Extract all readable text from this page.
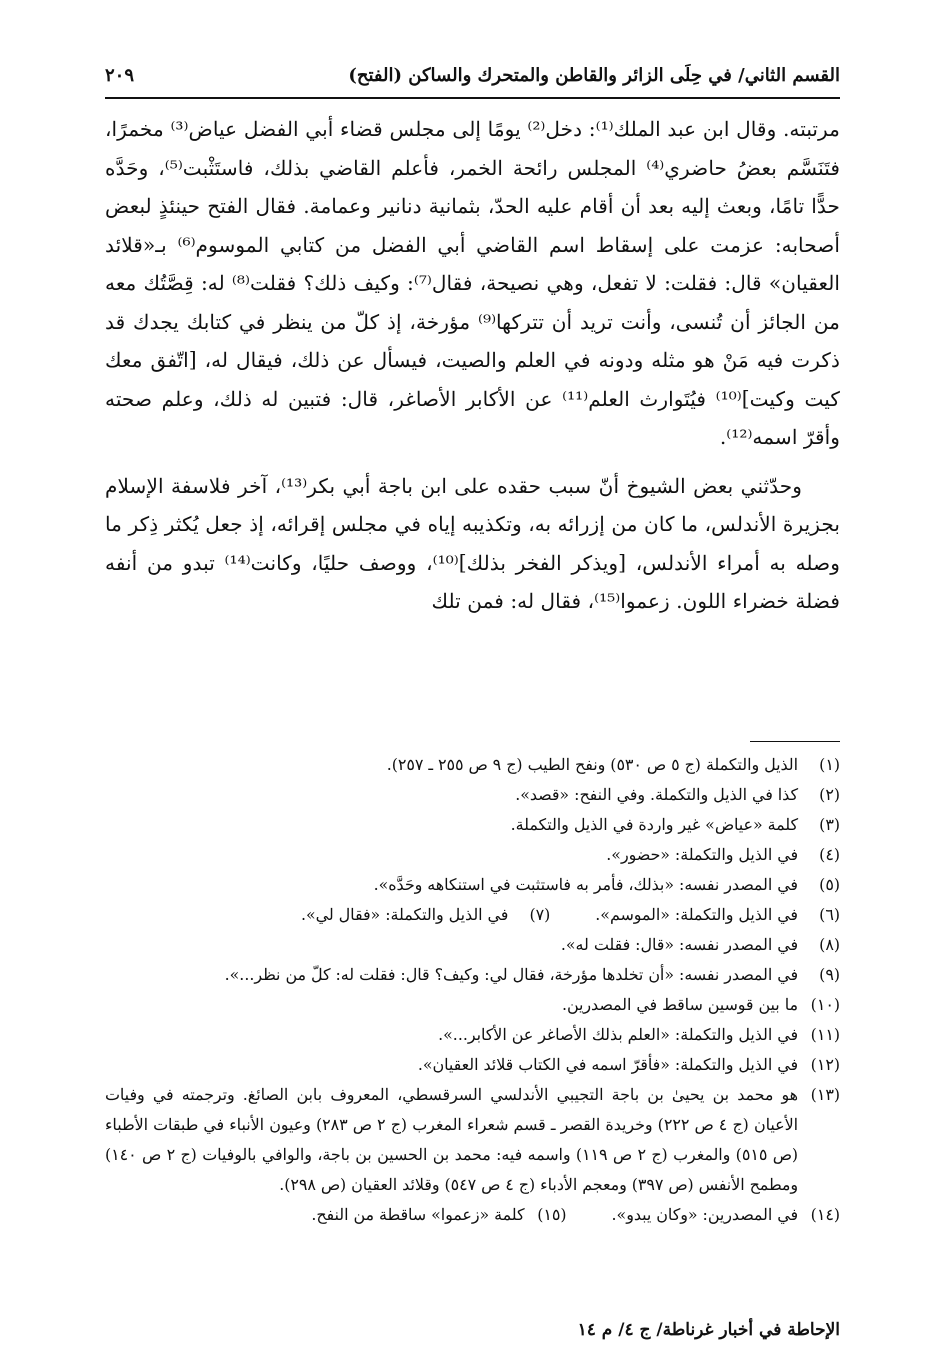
القسم الثاني/ في حِلَى الزائر والقاطن والمتحرك والساكن (الفتح)
٢٠٩

مرتبته. وقال ابن عبد الملك⁽¹⁾: دخل⁽²⁾ يومًا إلى مجلس قضاء أبي الفضل عياض⁽³⁾ مخمرًا، فتَنَسَّم بعضُ حاضري⁽⁴⁾ المجلس رائحة الخمر، فأعلم القاضي بذلك، فاستَثْبت⁽⁵⁾، وحَدَّه حدًّا تامًا، وبعث إليه بعد أن أقام عليه الحدّ، بثمانية دنانير وعمامة. فقال الفتح حينئذٍ لبعض أصحابه: عزمت على إسقاط اسم القاضي أبي الفضل من كتابي الموسوم⁽⁶⁾ بـ«قلائد العقيان» قال: فقلت: لا تفعل، وهي نصيحة، فقال⁽⁷⁾: وكيف ذلك؟ فقلت⁽⁸⁾ له: قِصَّتُك معه من الجائز أن تُنسى، وأنت تريد أن تتركها⁽⁹⁾ مؤرخة، إذ كلّ من ينظر في كتابك يجدك قد ذكرت فيه مَنْ هو مثله ودونه في العلم والصيت، فيسأل عن ذلك، فيقال له، [اتّفق معك كيت وكيت]⁽¹⁰⁾ فيُتَوارث العلم⁽¹¹⁾ عن الأكابر الأصاغر، قال: فتبين له ذلك، وعلم صحته وأقرّ اسمه⁽¹²⁾.

وحدّثني بعض الشيوخ أنّ سبب حقده على ابن باجة أبي بكر⁽¹³⁾، آخر فلاسفة الإسلام بجزيرة الأندلس، ما كان من إزرائه به، وتكذيبه إياه في مجلس إقرائه، إذ جعل يُكثر ذِكر ما وصله به أمراء الأندلس، [ويذكر الفخر بذلك]⁽¹⁰⁾، ووصف حليًا، وكانت⁽¹⁴⁾ تبدو من أنفه فضلة خضراء اللون. زعموا⁽¹⁵⁾، فقال له: فمن تلك

(١)
الذيل والتكملة (ج ٥ ص ٥٣٠) ونفح الطيب (ج ٩ ص ٢٥٥ ـ ٢٥٧).
(٢)
كذا في الذيل والتكملة. وفي النفح: «قصد».
(٣)
كلمة «عياض» غير واردة في الذيل والتكملة.
(٤)
في الذيل والتكملة: «حضور».
(٥)
في المصدر نفسه: «بذلك، فأمر به فاستثبت في استنكاهه وحَدَّه».
(٦)
في الذيل والتكملة: «الموسم».
(٧)
في الذيل والتكملة: «فقال لي».
(٨)
في المصدر نفسه: «قال: فقلت له».
(٩)
في المصدر نفسه: «أن تخلدها مؤرخة، فقال لي: وكيف؟ قال: فقلت له: كلّ من نظر...».
(١٠)
ما بين قوسين ساقط في المصدرين.
(١١)
في الذيل والتكملة: «العلم بذلك الأصاغر عن الأكابر...».
(١٢)
في الذيل والتكملة: «فأقرّ اسمه في الكتاب قلائد العقيان».
(١٣)
هو محمد بن يحيىٰ بن باجة التجيبي الأندلسي السرقسطي، المعروف بابن الصائغ. وترجمته في وفيات الأعيان (ج ٤ ص ٢٢٢) وخريدة القصر ـ قسم شعراء المغرب (ج ٢ ص ٢٨٣) وعيون الأنباء في طبقات الأطباء (ص ٥١٥) والمغرب (ج ٢ ص ١١٩) واسمه فيه: محمد بن الحسين بن باجة، والوافي بالوفيات (ج ٢ ص ١٤٠) ومطمح الأنفس (ص ٣٩٧) ومعجم الأدباء (ج ٤ ص ٥٤٧) وقلائد العقيان (ص ٢٩٨).
(١٤)
في المصدرين: «وكان يبدو».
(١٥)
كلمة «زعموا» ساقطة من النفح.
الإحاطة في أخبار غرناطة/ ج ٤/ م ١٤
